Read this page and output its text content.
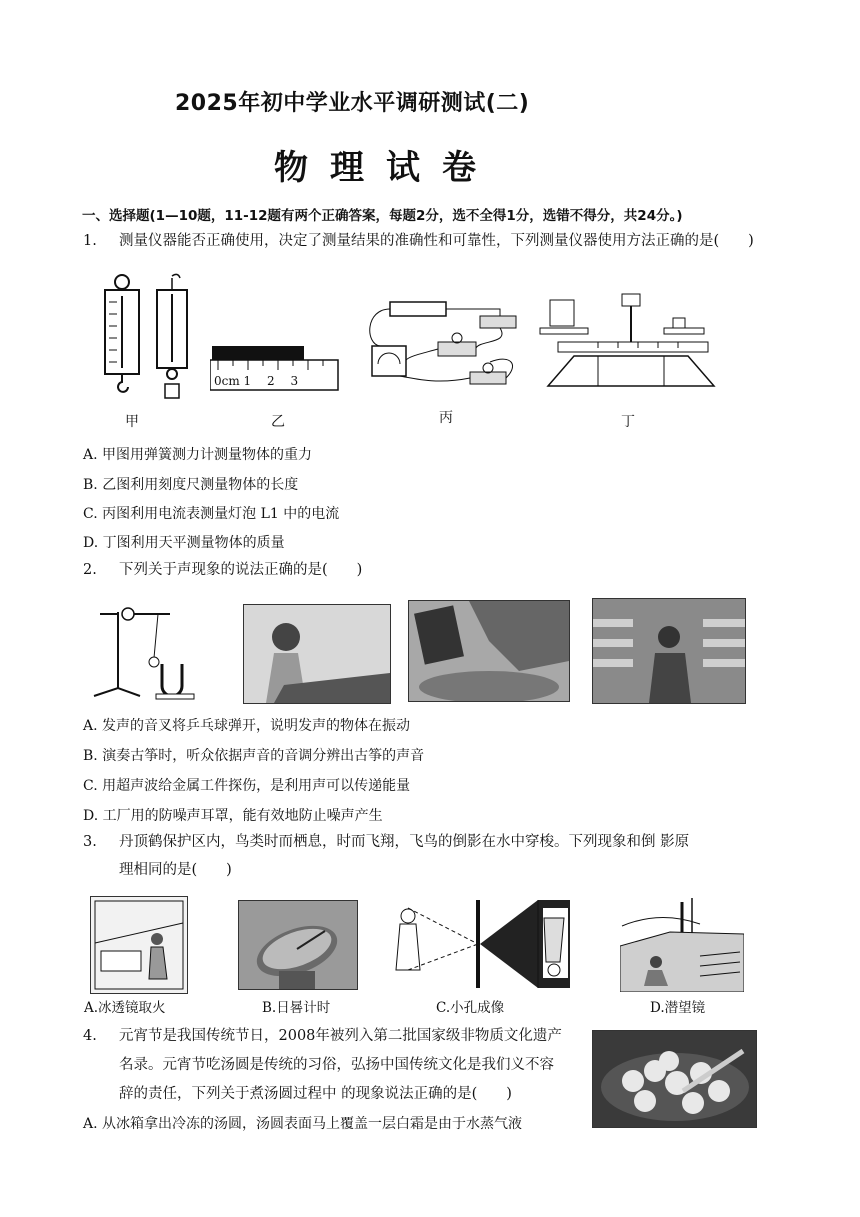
2025年初中学业水平调研测试(二)
物理试卷
一、选择题(1—10题，11-12题有两个正确答案，每题2分，选不全得1分，选错不得分，共24分。)
1. 测量仪器能否正确使用，决定了测量结果的准确性和可靠性，下列测量仪器使用方法正确的是(　　)
0cm 1　 2　 3
甲	乙	丙	丁
A. 甲图用弹簧测力计测量物体的重力
B. 乙图利用刻度尺测量物体的长度
C. 丙图利用电流表测量灯泡 L1 中的电流
D. 丁图利用天平测量物体的质量
2. 下列关于声现象的说法正确的是(　　)
A. 发声的音叉将乒乓球弹开，说明发声的物体在振动
B. 演奏古筝时，听众依据声音的音调分辨出古筝的声音
C. 用超声波给金属工件探伤，是利用声可以传递能量
D. 工厂用的防噪声耳罩，能有效地防止噪声产生
3. 丹顶鹤保护区内，鸟类时而栖息，时而飞翔，飞鸟的倒影在水中穿梭。下列现象和倒 影原
理相同的是(　　)
A.冰透镜取火	B.日晷计时	C.小孔成像	D.潜望镜
4. 元宵节是我国传统节日，2008年被列入第二批国家级非物质文化遗产
名录。元宵节吃汤圆是传统的习俗，弘扬中国传统文化是我们义不容
辞的责任，下列关于煮汤圆过程中 的现象说法正确的是(　　)
A. 从冰箱拿出冷冻的汤圆，汤圆表面马上覆盖一层白霜是由于水蒸气液
